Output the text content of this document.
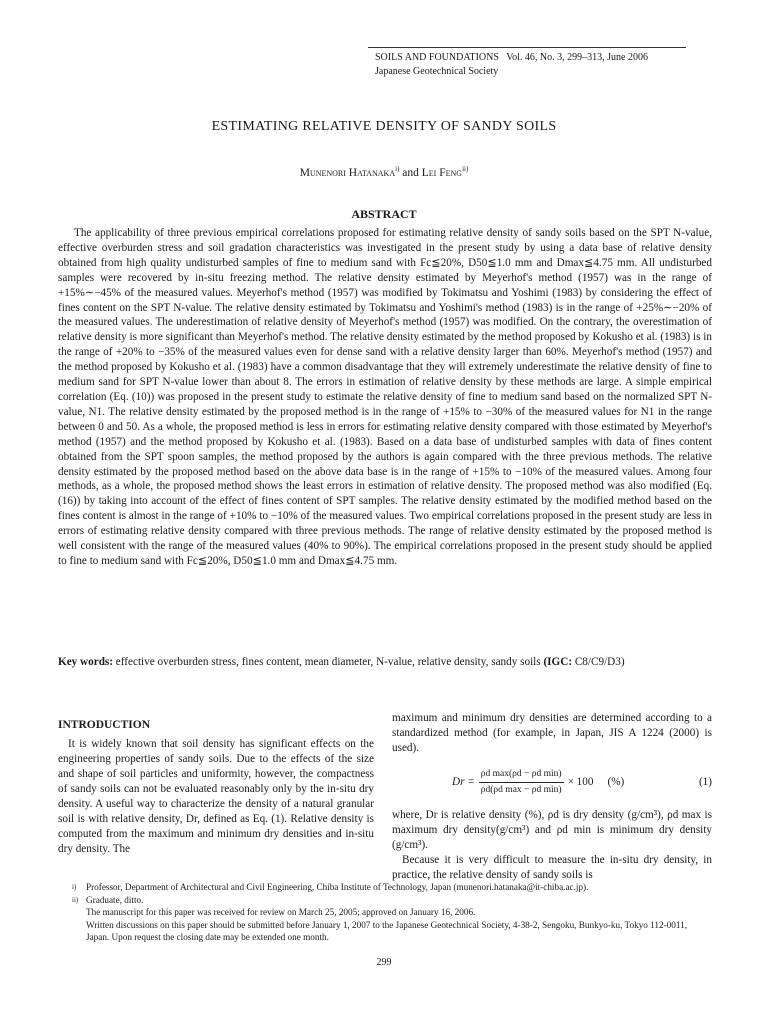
SOILS AND FOUNDATIONS   Vol. 46, No. 3, 299–313, June 2006
Japanese Geotechnical Society
ESTIMATING RELATIVE DENSITY OF SANDY SOILS
Munenori Hatanaka$^{i)}$ and Lei Feng$^{ii)}$
ABSTRACT
The applicability of three previous empirical correlations proposed for estimating relative density of sandy soils based on the SPT N-value, effective overburden stress and soil gradation characteristics was investigated in the present study by using a data base of relative density obtained from high quality undisturbed samples of fine to medium sand with Fc≦20%, D50≦1.0 mm and Dmax≦4.75 mm. All undisturbed samples were recovered by in-situ freezing method. The relative density estimated by Meyerhof's method (1957) was in the range of +15%∼−45% of the measured values. Meyerhof's method (1957) was modified by Tokimatsu and Yoshimi (1983) by considering the effect of fines content on the SPT N-value. The relative density estimated by Tokimatsu and Yoshimi's method (1983) is in the range of +25%∼−20% of the measured values. The underestimation of relative density of Meyerhof's method (1957) was modified. On the contrary, the overestimation of relative density is more significant than Meyerhof's method. The relative density estimated by the method proposed by Kokusho et al. (1983) is in the range of +20% to −35% of the measured values even for dense sand with a relative density larger than 60%. Meyerhof's method (1957) and the method proposed by Kokusho et al. (1983) have a common disadvantage that they will extremely underestimate the relative density of fine to medium sand for SPT N-value lower than about 8. The errors in estimation of relative density by these methods are large. A simple empirical correlation (Eq. (10)) was proposed in the present study to estimate the relative density of fine to medium sand based on the normalized SPT N-value, N1. The relative density estimated by the proposed method is in the range of +15% to −30% of the measured values for N1 in the range between 0 and 50. As a whole, the proposed method is less in errors for estimating relative density compared with those estimated by Meyerhof's method (1957) and the method proposed by Kokusho et al. (1983). Based on a data base of undisturbed samples with data of fines content obtained from the SPT spoon samples, the method proposed by the authors is again compared with the three previous methods. The relative density estimated by the proposed method based on the above data base is in the range of +15% to −10% of the measured values. Among four methods, as a whole, the proposed method shows the least errors in estimation of relative density. The proposed method was also modified (Eq. (16)) by taking into account of the effect of fines content of SPT samples. The relative density estimated by the modified method based on the fines content is almost in the range of +10% to −10% of the measured values. Two empirical correlations proposed in the present study are less in errors of estimating relative density compared with three previous methods. The range of relative density estimated by the proposed method is well consistent with the range of the measured values (40% to 90%). The empirical correlations proposed in the present study should be applied to fine to medium sand with Fc≦20%, D50≦1.0 mm and Dmax≦4.75 mm.
Key words: effective overburden stress, fines content, mean diameter, N-value, relative density, sandy soils (IGC: C8/C9/D3)
INTRODUCTION
It is widely known that soil density has significant effects on the engineering properties of sandy soils. Due to the effects of the size and shape of soil particles and uniformity, however, the compactness of sandy soils can not be evaluated reasonably only by the in-situ dry density. A useful way to characterize the density of a natural granular soil is with relative density, Dr, defined as Eq. (1). Relative density is computed from the maximum and minimum dry densities and in-situ dry density. The
maximum and minimum dry densities are determined according to a standardized method (for example, in Japan, JIS A 1224 (2000) is used).
$Dr = \frac{\text{ρd max(ρd − ρd min)}}{\text{ρd(ρd max − ρd min)}} \times 100$ (%)	(1)
where, Dr is relative density (%), ρd is dry density (g/cm³), ρd max is maximum dry density(g/cm³) and ρd min is minimum dry density (g/cm³).
Because it is very difficult to measure the in-situ dry density, in practice, the relative density of sandy soils is
i)	Professor, Department of Architectural and Civil Engineering, Chiba Institute of Technology, Japan (munenori.hatanaka@it-chiba.ac.jp).
ii) Graduate, ditto.
The manuscript for this paper was received for review on March 25, 2005; approved on January 16, 2006.
Written discussions on this paper should be submitted before January 1, 2007 to the Japanese Geotechnical Society, 4-38-2, Sengoku, Bunkyo-ku, Tokyo 112-0011, Japan. Upon request the closing date may be extended one month.
299
